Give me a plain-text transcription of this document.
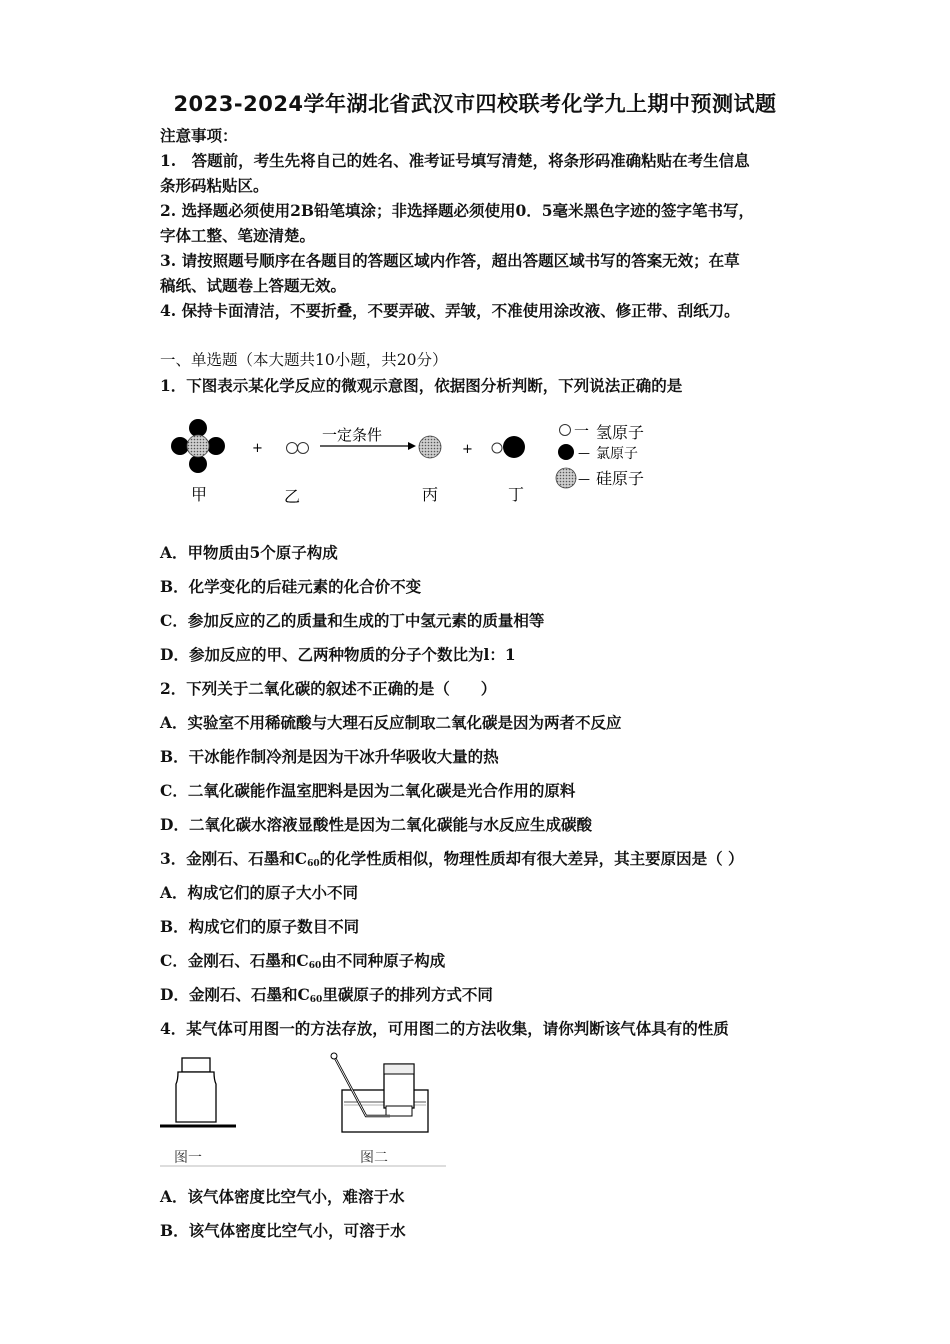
2023-2024学年湖北省武汉市四校联考化学九上期中预测试题
注意事项：
1.　答题前，考生先将自己的姓名、准考证号填写清楚，将条形码准确粘贴在考生信息
条形码粘贴区。
2. 选择题必须使用2B铅笔填涂；非选择题必须使用0．5毫米黑色字迹的签字笔书写，
字体工整、笔迹清楚。
3. 请按照题号顺序在各题目的答题区域内作答，超出答题区域书写的答案无效；在草
稿纸、试题卷上答题无效。
4. 保持卡面清洁，不要折叠，不要弄破、弄皱，不准使用涂改液、修正带、刮纸刀。
一、单选题（本大题共10小题，共20分）
1．下图表示某化学反应的微观示意图，依据图分析判断，下列说法正确的是
+
一定条件
+
甲	乙	丙	丁
一 氢原子
— 氯原子
— 硅原子
A．甲物质由5个原子构成
B．化学变化的后硅元素的化合价不变
C．参加反应的乙的质量和生成的丁中氢元素的质量相等
D．参加反应的甲、乙两种物质的分子个数比为l：1
2．下列关于二氧化碳的叙述不正确的是（　　）
A．实验室不用稀硫酸与大理石反应制取二氧化碳是因为两者不反应
B．干冰能作制冷剂是因为干冰升华吸收大量的热
C．二氧化碳能作温室肥料是因为二氧化碳是光合作用的原料
D．二氧化碳水溶液显酸性是因为二氧化碳能与水反应生成碳酸
3．金刚石、石墨和$C_{60}$的化学性质相似，物理性质却有很大差异，其主要原因是（ ）
A．构成它们的原子大小不同
B．构成它们的原子数目不同
C．金刚石、石墨和$C_{60}$由不同种原子构成
D．金刚石、石墨和$C_{60}$里碳原子的排列方式不同
4．某气体可用图一的方法存放，可用图二的方法收集，请你判断该气体具有的性质
图一	图二
A．该气体密度比空气小，难溶于水
B．该气体密度比空气小，可溶于水
